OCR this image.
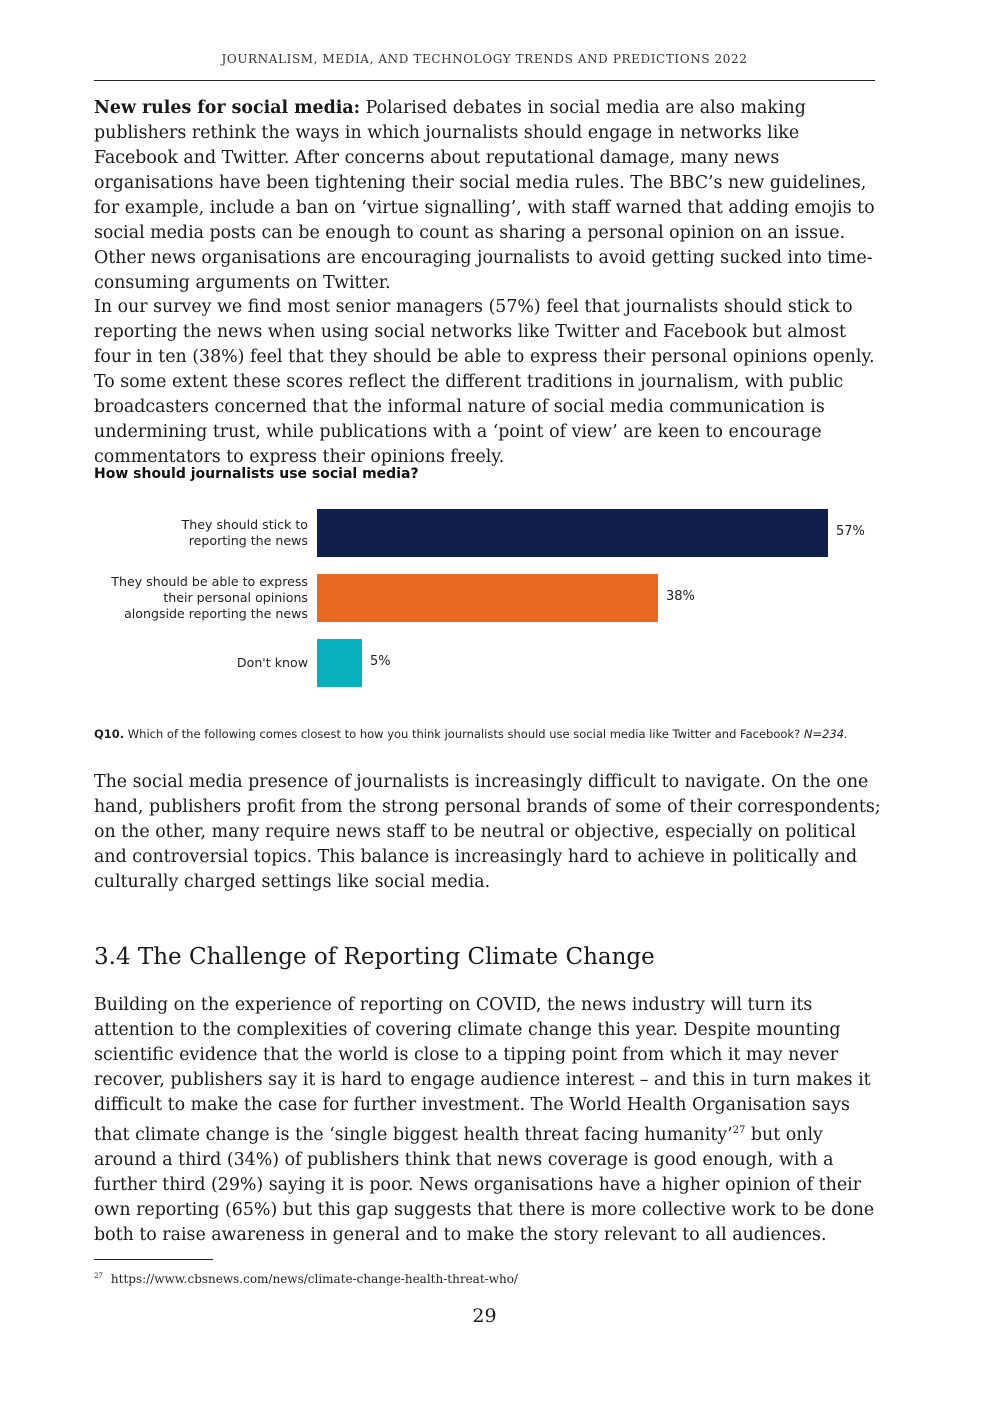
JOURNALISM, MEDIA, AND TECHNOLOGY TRENDS AND PREDICTIONS 2022

New rules for social media: Polarised debates in social media are also making publishers rethink the ways in which journalists should engage in networks like Facebook and Twitter. After concerns about reputational damage, many news organisations have been tightening their social media rules. The BBC’s new guidelines, for example, include a ban on ‘virtue signalling’, with staff warned that adding emojis to social media posts can be enough to count as sharing a personal opinion on an issue. Other news organisations are encouraging journalists to avoid getting sucked into time-consuming arguments on Twitter.

In our survey we find most senior managers (57%) feel that journalists should stick to reporting the news when using social networks like Twitter and Facebook but almost four in ten (38%) feel that they should be able to express their personal opinions openly. To some extent these scores reflect the different traditions in journalism, with public broadcasters concerned that the informal nature of social media communication is undermining trust, while publications with a ‘point of view’ are keen to encourage commentators to express their opinions freely.

How should journalists use social media?
They should stick to
reporting the news
57%
They should be able to express
their personal opinions
alongside reporting the news
38%
Don't know	5%
Q10. Which of the following comes closest to how you think journalists should use social media like Twitter and Facebook? N=234.

The social media presence of journalists is increasingly difficult to navigate. On the one hand, publishers profit from the strong personal brands of some of their correspondents; on the other, many require news staff to be neutral or objective, especially on political and controversial topics. This balance is increasingly hard to achieve in politically and culturally charged settings like social media.

3.4 The Challenge of Reporting Climate Change

Building on the experience of reporting on COVID, the news industry will turn its attention to the complexities of covering climate change this year. Despite mounting scientific evidence that the world is close to a tipping point from which it may never recover, publishers say it is hard to engage audience interest – and this in turn makes it difficult to make the case for further investment. The World Health Organisation says that climate change is the ‘single biggest health threat facing humanity’$^{27}$ but only around a third (34%) of publishers think that news coverage is good enough, with a further third (29%) saying it is poor. News organisations have a higher opinion of their own reporting (65%) but this gap suggests that there is more collective work to be done both to raise awareness in general and to make the story relevant to all audiences.

$^{27}$ https://www.cbsnews.com/news/climate-change-health-threat-who/
29
